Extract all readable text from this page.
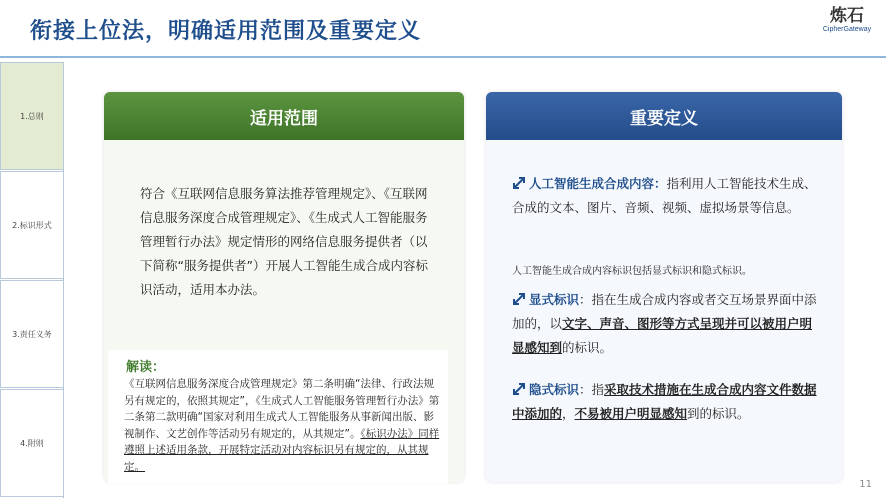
衔接上位法，明确适用范围及重要定义
炼石
CipherGateway
1.总则
2.标识形式
3.责任义务
4.附则
适用范围
符合《互联网信息服务算法推荐管理规定》、《互联网信息服务深度合成管理规定》、《生成式人工智能服务管理暂行办法》规定情形的网络信息服务提供者（以下简称“服务提供者”）开展人工智能生成合成内容标识活动，适用本办法。
解读：
《互联网信息服务深度合成管理规定》第二条明确“法律、行政法规另有规定的，依照其规定”，《生成式人工智能服务管理暂行办法》第二条第二款明确“国家对利用生成式人工智能服务从事新闻出版、影视制作、文艺创作等活动另有规定的，从其规定”。《标识办法》同样遵照上述适用条款，开展特定活动对内容标识另有规定的，从其规定。
重要定义
人工智能生成合成内容：指利用人工智能技术生成、合成的文本、图片、音频、视频、虚拟场景等信息。
人工智能生成合成内容标识包括显式标识和隐式标识。
显式标识：指在生成合成内容或者交互场景界面中添加的，以文字、声音、图形等方式呈现并可以被用户明显感知到的标识。
隐式标识：指采取技术措施在生成合成内容文件数据中添加的，不易被用户明显感知到的标识。
11
